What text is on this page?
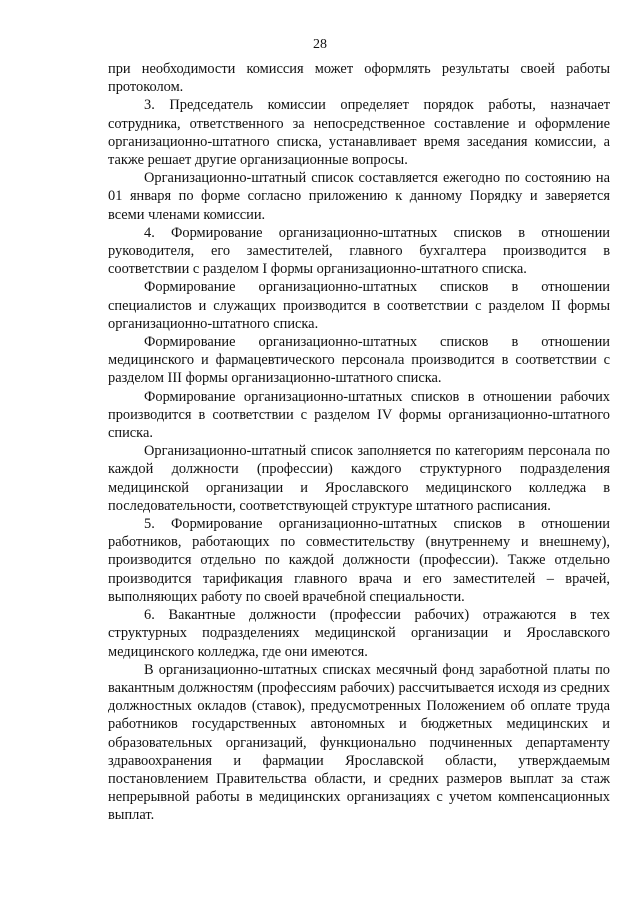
28

при необходимости комиссия может оформлять результаты своей работы протоколом.

3. Председатель комиссии определяет порядок работы, назначает сотрудника, ответственного за непосредственное составление и оформление организационно-штатного списка, устанавливает время заседания комиссии, а также решает другие организационные вопросы.

Организационно-штатный список составляется ежегодно по состоянию на 01 января по форме согласно приложению к данному Порядку и заверяется всеми членами комиссии.

4. Формирование организационно-штатных списков в отношении руководителя, его заместителей, главного бухгалтера производится в соответствии с разделом I формы организационно-штатного списка.

Формирование организационно-штатных списков в отношении специалистов и служащих производится в соответствии с разделом II формы организационно-штатного списка.

Формирование организационно-штатных списков в отношении медицинского и фармацевтического персонала производится в соответствии с разделом III формы организационно-штатного списка.

Формирование организационно-штатных списков в отношении рабочих производится в соответствии с разделом IV формы организационно-штатного списка.

Организационно-штатный список заполняется по категориям персонала по каждой должности (профессии) каждого структурного подразделения медицинской организации и Ярославского медицинского колледжа в последовательности, соответствующей структуре штатного расписания.

5. Формирование организационно-штатных списков в отношении работников, работающих по совместительству (внутреннему и внешнему), производится отдельно по каждой должности (профессии). Также отдельно производится тарификация главного врача и его заместителей – врачей, выполняющих работу по своей врачебной специальности.

6. Вакантные должности (профессии рабочих) отражаются в тех структурных подразделениях медицинской организации и Ярославского медицинского колледжа, где они имеются.

В организационно-штатных списках месячный фонд заработной платы по вакантным должностям (профессиям рабочих) рассчитывается исходя из средних должностных окладов (ставок), предусмотренных Положением об оплате труда работников государственных автономных и бюджетных медицинских и образовательных организаций, функционально подчиненных департаменту здравоохранения и фармации Ярославской области, утверждаемым постановлением Правительства области, и средних размеров выплат за стаж непрерывной работы в медицинских организациях с учетом компенсационных выплат.
